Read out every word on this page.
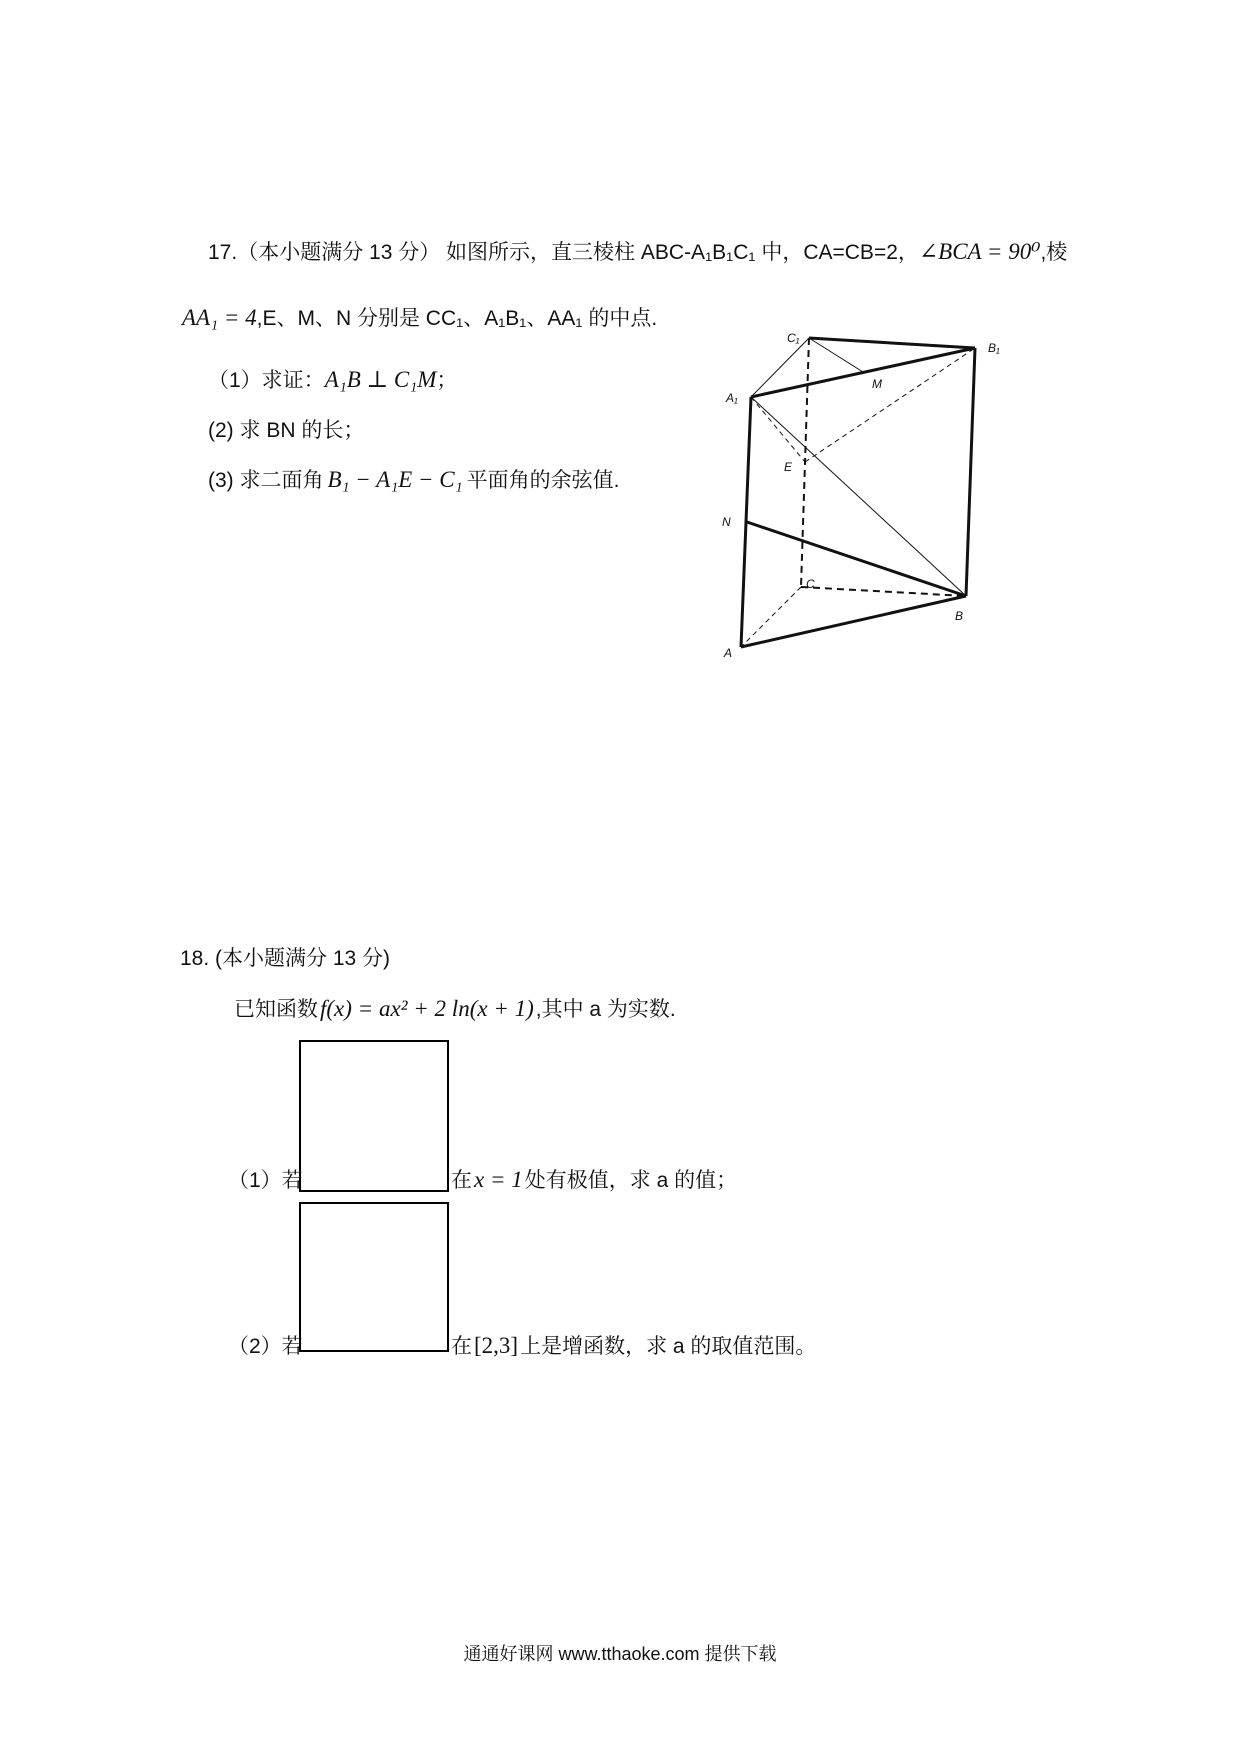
17.（本小题满分 13 分） 如图所示，直三棱柱 ABC-A₁B₁C₁ 中，CA=CB=2，∠BCA = 90⁰,棱
AA₁ = 4,E、M、N 分别是 CC₁、A₁B₁、AA₁ 的中点.
（1）求证：A₁B ⊥ C₁M；
(2) 求 BN 的长；
(3) 求二面角 B₁ − A₁E − C₁ 平面角的余弦值.
C₁
B₁
A₁
M
E
N
C
B
A
18. (本小题满分 13 分)
已知函数f(x) = ax² + 2 ln(x + 1),其中 a 为实数.
（1）若	在x = 1处有极值，求 a 的值；
（2）若	在[2,3]上是增函数，求 a 的取值范围。
通通好课网 www.tthaoke.com 提供下载
